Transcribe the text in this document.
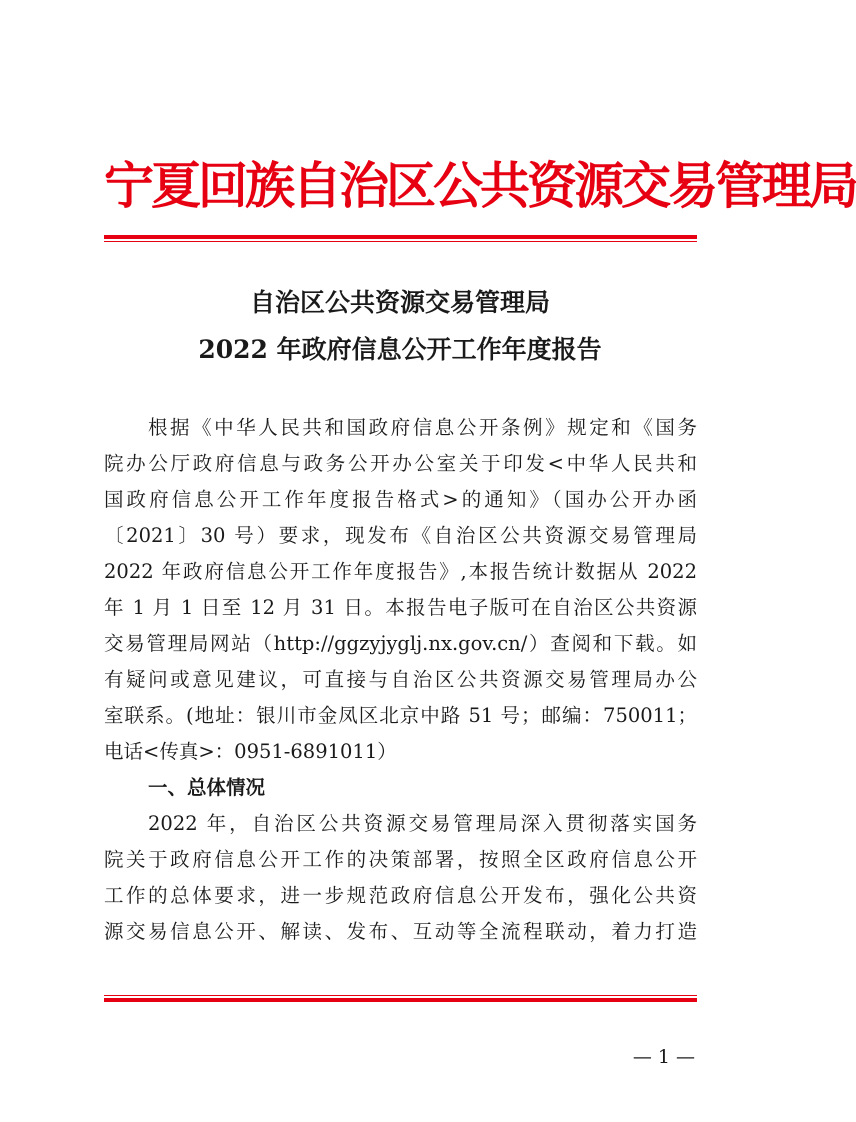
宁夏回族自治区公共资源交易管理局
自治区公共资源交易管理局
2022 年政府信息公开工作年度报告
根据《中华人民共和国政府信息公开条例》规定和《国务
院办公厅政府信息与政务公开办公室关于印发<中华人民共和
国政府信息公开工作年度报告格式>的通知》（国办公开办函
〔2021〕30 号）要求，现发布《自治区公共资源交易管理局
2022 年政府信息公开工作年度报告》,本报告统计数据从 2022
年 1 月 1 日至 12 月 31 日。本报告电子版可在自治区公共资源
交易管理局网站（http://ggzyjyglj.nx.gov.cn/）查阅和下载。如
有疑问或意见建议，可直接与自治区公共资源交易管理局办公
室联系。(地址：银川市金凤区北京中路 51 号；邮编：750011；
电话<传真>：0951-6891011）
一、总体情况
2022 年，自治区公共资源交易管理局深入贯彻落实国务
院关于政府信息公开工作的决策部署，按照全区政府信息公开
工作的总体要求，进一步规范政府信息公开发布，强化公共资
源交易信息公开、解读、发布、互动等全流程联动，着力打造
— 1 —
